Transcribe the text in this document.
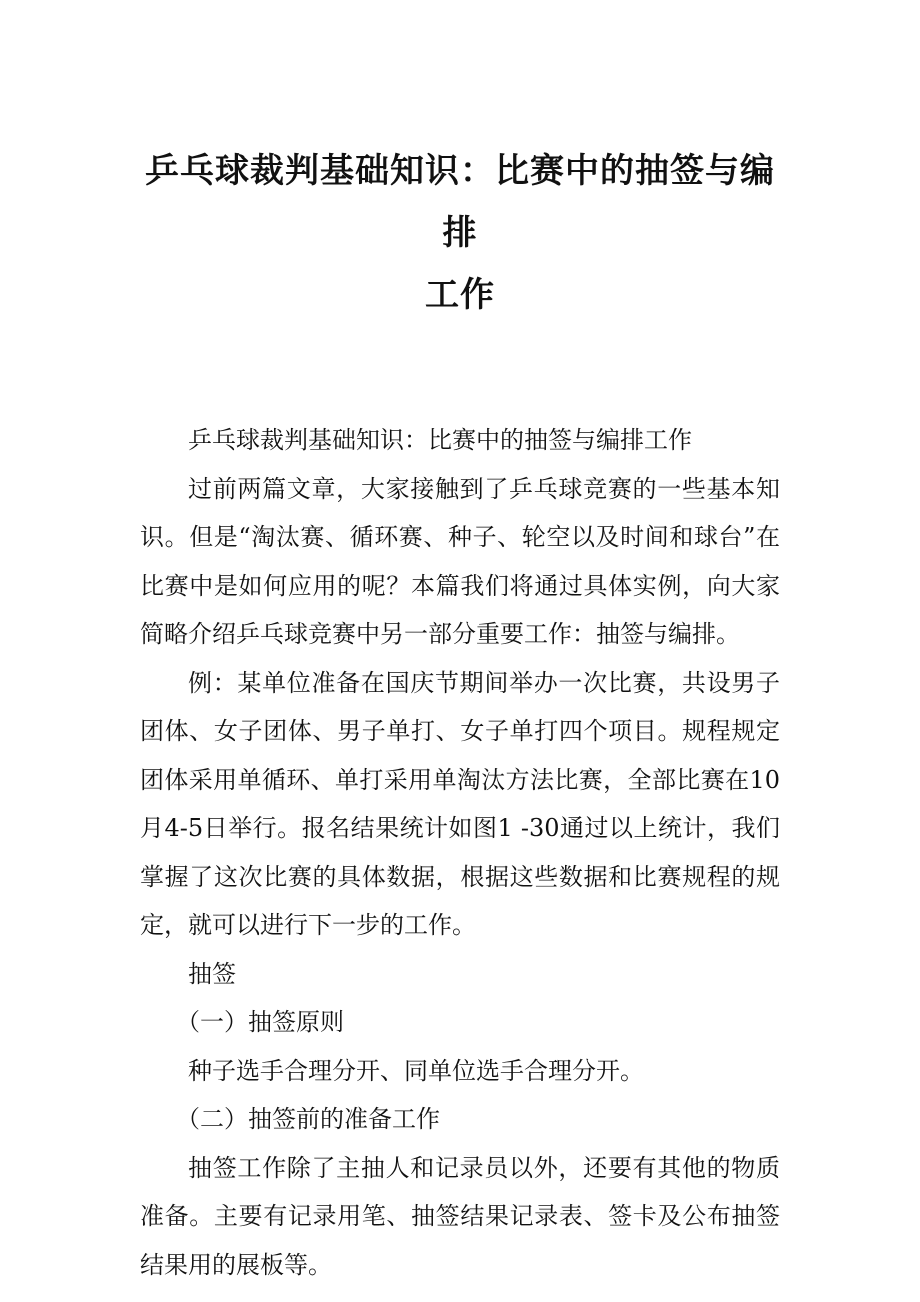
乒乓球裁判基础知识：比赛中的抽签与编排
工作

乒乓球裁判基础知识：比赛中的抽签与编排工作

过前两篇文章，大家接触到了乒乓球竞赛的一些基本知识。但是“淘汰赛、循环赛、种子、轮空以及时间和球台”在比赛中是如何应用的呢？本篇我们将通过具体实例，向大家简略介绍乒乓球竞赛中另一部分重要工作：抽签与编排。

例：某单位准备在国庆节期间举办一次比赛，共设男子团体、女子团体、男子单打、女子单打四个项目。规程规定团体采用单循环、单打采用单淘汰方法比赛，全部比赛在10月4-5日举行。报名结果统计如图1 -30通过以上统计，我们掌握了这次比赛的具体数据，根据这些数据和比赛规程的规定，就可以进行下一步的工作。

抽签

（一）抽签原则

种子选手合理分开、同单位选手合理分开。

（二）抽签前的准备工作

抽签工作除了主抽人和记录员以外，还要有其他的物质准备。主要有记录用笔、抽签结果记录表、签卡及公布抽签结果用的展板等。
